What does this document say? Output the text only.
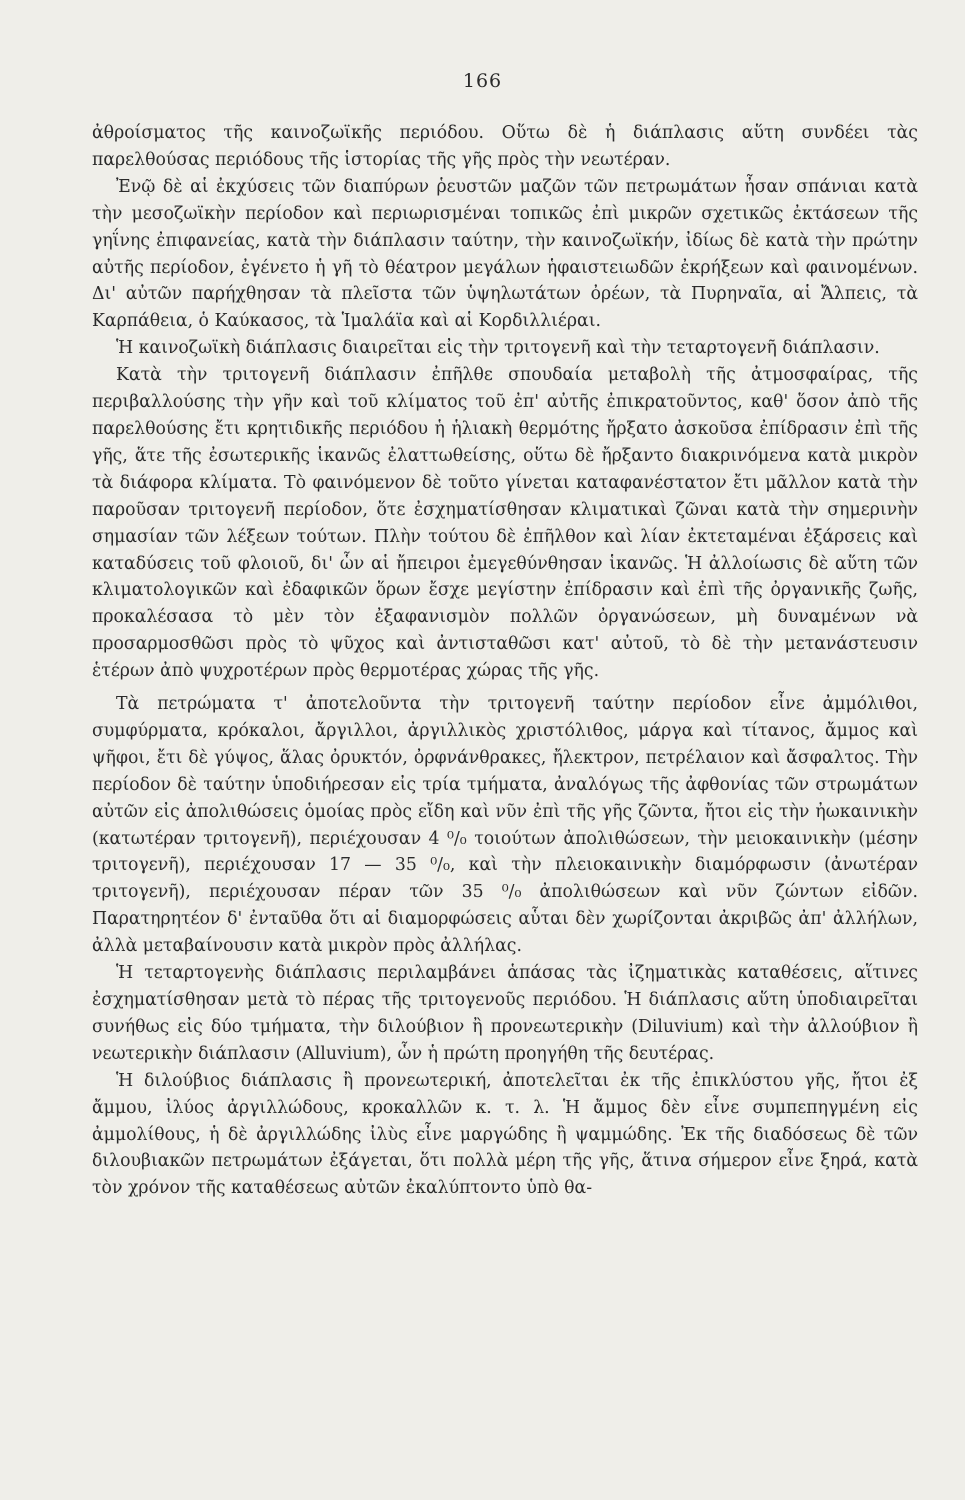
166

ἀθροίσματος τῆς καινοζωϊκῆς περιόδου. Οὕτω δὲ ἡ διάπλασις αὕτη συνδέει τὰς παρελθούσας περιόδους τῆς ἱστορίας τῆς γῆς πρὸς τὴν νεωτέραν.

Ἐνῷ δὲ αἱ ἐκχύσεις τῶν διαπύρων ῥευστῶν μαζῶν τῶν πετρωμάτων ἦσαν σπάνιαι κατὰ τὴν μεσοζωϊκὴν περίοδον καὶ περιωρισμέναι τοπικῶς ἐπὶ μικρῶν σχετικῶς ἐκτάσεων τῆς γηΐνης ἐπιφανείας, κατὰ τὴν διάπλασιν ταύτην, τὴν καινοζωϊκήν, ἰδίως δὲ κατὰ τὴν πρώτην αὐτῆς περίοδον, ἐγένετο ἡ γῆ τὸ θέατρον μεγάλων ἡφαιστειωδῶν ἐκρήξεων καὶ φαινομένων. Δι' αὐτῶν παρήχθησαν τὰ πλεῖστα τῶν ὑψηλωτάτων ὀρέων, τὰ Πυρηναῖα, αἱ Ἄλπεις, τὰ Καρπάθεια, ὁ Καύκασος, τὰ Ἱμαλάϊα καὶ αἱ Κορδιλλιέραι.

Ἡ καινοζωϊκὴ διάπλασις διαιρεῖται εἰς τὴν τριτογενῆ καὶ τὴν τεταρτογενῆ διάπλασιν.

Κατὰ τὴν τριτογενῆ διάπλασιν ἐπῆλθε σπουδαία μεταβολὴ τῆς ἀτμοσφαίρας, τῆς περιβαλλούσης τὴν γῆν καὶ τοῦ κλίματος τοῦ ἐπ' αὐτῆς ἐπικρατοῦντος, καθ' ὅσον ἀπὸ τῆς παρελθούσης ἔτι κρητιδικῆς περιόδου ἡ ἡλιακὴ θερμότης ἤρξατο ἀσκοῦσα ἐπίδρασιν ἐπὶ τῆς γῆς, ἅτε τῆς ἐσωτερικῆς ἱκανῶς ἐλαττωθείσης, οὕτω δὲ ἤρξαντο διακρινόμενα κατὰ μικρὸν τὰ διάφορα κλίματα. Τὸ φαινόμενον δὲ τοῦτο γίνεται καταφανέστατον ἔτι μᾶλλον κατὰ τὴν παροῦσαν τριτογενῆ περίοδον, ὅτε ἐσχηματίσθησαν κλιματικαὶ ζῶναι κατὰ τὴν σημερινὴν σημασίαν τῶν λέξεων τούτων. Πλὴν τούτου δὲ ἐπῆλθον καὶ λίαν ἐκτεταμέναι ἐξάρσεις καὶ καταδύσεις τοῦ φλοιοῦ, δι' ὧν αἱ ἤπειροι ἐμεγεθύνθησαν ἱκανῶς. Ἡ ἀλλοίωσις δὲ αὕτη τῶν κλιματολογικῶν καὶ ἐδαφικῶν ὅρων ἔσχε μεγίστην ἐπίδρασιν καὶ ἐπὶ τῆς ὀργανικῆς ζωῆς, προκαλέσασα τὸ μὲν τὸν ἐξαφανισμὸν πολλῶν ὀργανώσεων, μὴ δυναμένων νὰ προσαρμοσθῶσι πρὸς τὸ ψῦχος καὶ ἀντισταθῶσι κατ' αὐτοῦ, τὸ δὲ τὴν μετανάστευσιν ἑτέρων ἀπὸ ψυχροτέρων πρὸς θερμοτέρας χώρας τῆς γῆς.

Τὰ πετρώματα τ' ἀποτελοῦντα τὴν τριτογενῆ ταύτην περίοδον εἶνε ἀμμόλιθοι, συμφύρματα, κρόκαλοι, ἄργιλλοι, ἀργιλλικὸς χριστόλιθος, μάργα καὶ τίτανος, ἄμμος καὶ ψῆφοι, ἔτι δὲ γύψος, ἅλας ὀρυκτόν, ὀρφνάνθρακες, ἤλεκτρον, πετρέλαιον καὶ ἄσφαλτος. Τὴν περίοδον δὲ ταύτην ὑποδιήρεσαν εἰς τρία τμήματα, ἀναλόγως τῆς ἀφθονίας τῶν στρωμάτων αὐτῶν εἰς ἀπολιθώσεις ὁμοίας πρὸς εἴδη καὶ νῦν ἐπὶ τῆς γῆς ζῶντα, ἤτοι εἰς τὴν ἠωκαινικὴν (κατωτέραν τριτογενῆ), περιέχουσαν 4 ⁰/₀ τοιούτων ἀπολιθώσεων, τὴν μειοκαινικὴν (μέσην τριτογενῆ), περιέχουσαν 17 — 35 ⁰/₀, καὶ τὴν πλειοκαινικὴν διαμόρφωσιν (ἀνωτέραν τριτογενῆ), περιέχουσαν πέραν τῶν 35 ⁰/₀ ἀπολιθώσεων καὶ νῦν ζώντων εἰδῶν. Παρατηρητέον δ' ἐνταῦθα ὅτι αἱ διαμορφώσεις αὗται δὲν χωρίζονται ἀκριβῶς ἀπ' ἀλλήλων, ἀλλὰ μεταβαίνουσιν κατὰ μικρὸν πρὸς ἀλλήλας.

Ἡ τεταρτογενὴς διάπλασις περιλαμβάνει ἁπάσας τὰς ἰζηματικὰς καταθέσεις, αἵτινες ἐσχηματίσθησαν μετὰ τὸ πέρας τῆς τριτογενοῦς περιόδου. Ἡ διάπλασις αὕτη ὑποδιαιρεῖται συνήθως εἰς δύο τμήματα, τὴν διλούβιον ἢ προνεωτερικὴν (Diluvium) καὶ τὴν ἀλλούβιον ἢ νεωτερικὴν διάπλασιν (Alluvium), ὧν ἡ πρώτη προηγήθη τῆς δευτέρας.

Ἡ διλούβιος διάπλασις ἢ προνεωτερική, ἀποτελεῖται ἐκ τῆς ἐπικλύστου γῆς, ἤτοι ἐξ ἄμμου, ἰλύος ἀργιλλώδους, κροκαλλῶν κ. τ. λ. Ἡ ἄμμος δὲν εἶνε συμπεπηγμένη εἰς ἀμμολίθους, ἡ δὲ ἀργιλλώδης ἰλὺς εἶνε μαργώδης ἢ ψαμμώδης. Ἐκ τῆς διαδόσεως δὲ τῶν διλουβιακῶν πετρωμάτων ἐξάγεται, ὅτι πολλὰ μέρη τῆς γῆς, ἅτινα σήμερον εἶνε ξηρά, κατὰ τὸν χρόνον τῆς καταθέσεως αὐτῶν ἐκαλύπτοντο ὑπὸ θα-
